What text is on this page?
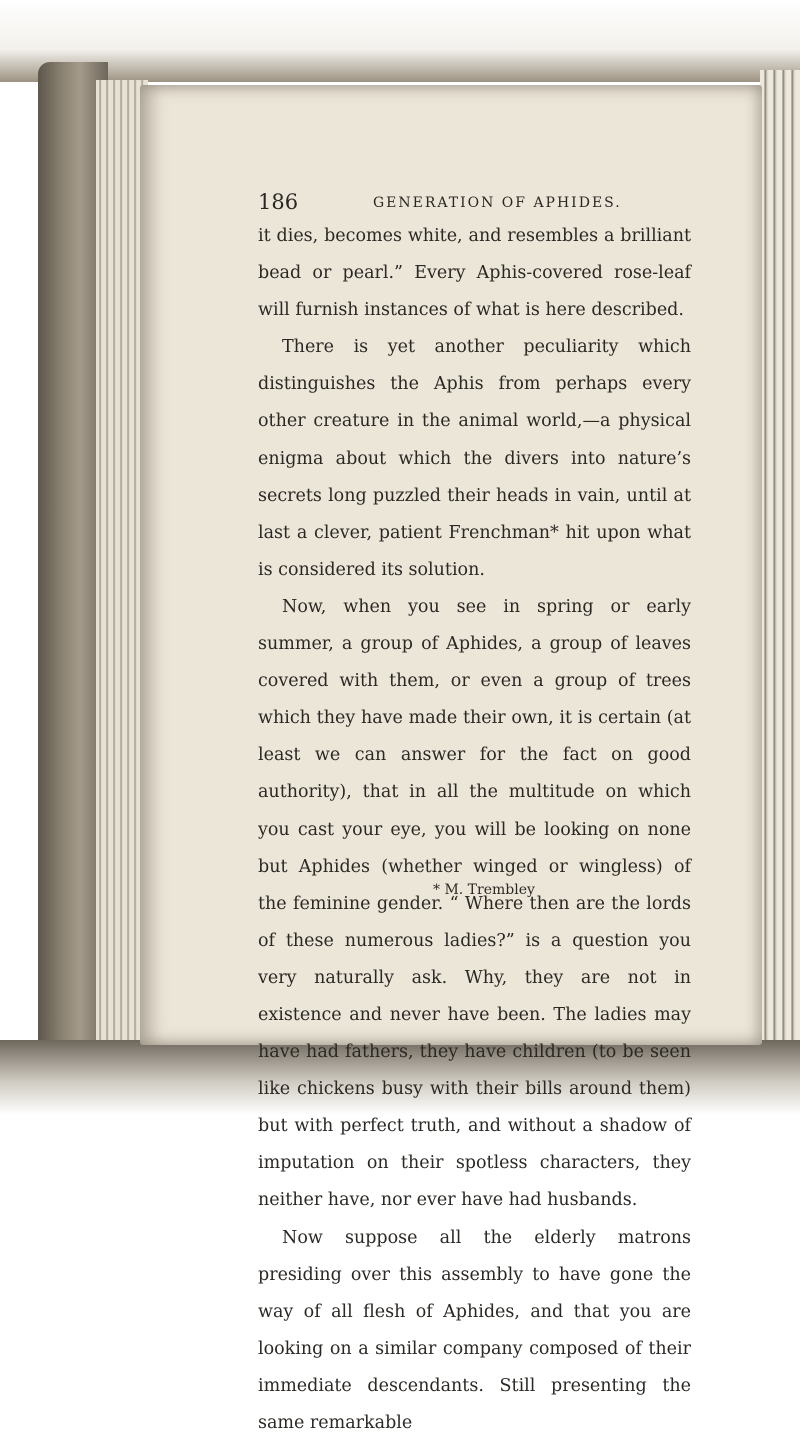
186	GENERATION OF APHIDES.

it dies, becomes white, and resembles a brilliant bead or pearl.” Every Aphis-covered rose-leaf will furnish instances of what is here described.

There is yet another peculiarity which distinguishes the Aphis from perhaps every other creature in the animal world,—a physical enigma about which the divers into nature’s secrets long puzzled their heads in vain, until at last a clever, patient Frenchman* hit upon what is considered its solution.

Now, when you see in spring or early summer, a group of Aphides, a group of leaves covered with them, or even a group of trees which they have made their own, it is certain (at least we can answer for the fact on good authority), that in all the multitude on which you cast your eye, you will be looking on none but Aphides (whether winged or wingless) of the feminine gender. “ Where then are the lords of these numerous ladies?” is a question you very naturally ask. Why, they are not in existence and never have been. The ladies may have had fathers, they have children (to be seen like chickens busy with their bills around them) but with perfect truth, and without a shadow of imputation on their spotless characters, they neither have, nor ever have had husbands.

Now suppose all the elderly matrons presiding over this assembly to have gone the way of all flesh of Aphides, and that you are looking on a similar company composed of their immediate descendants. Still presenting the same remarkable

* M. Trembley
